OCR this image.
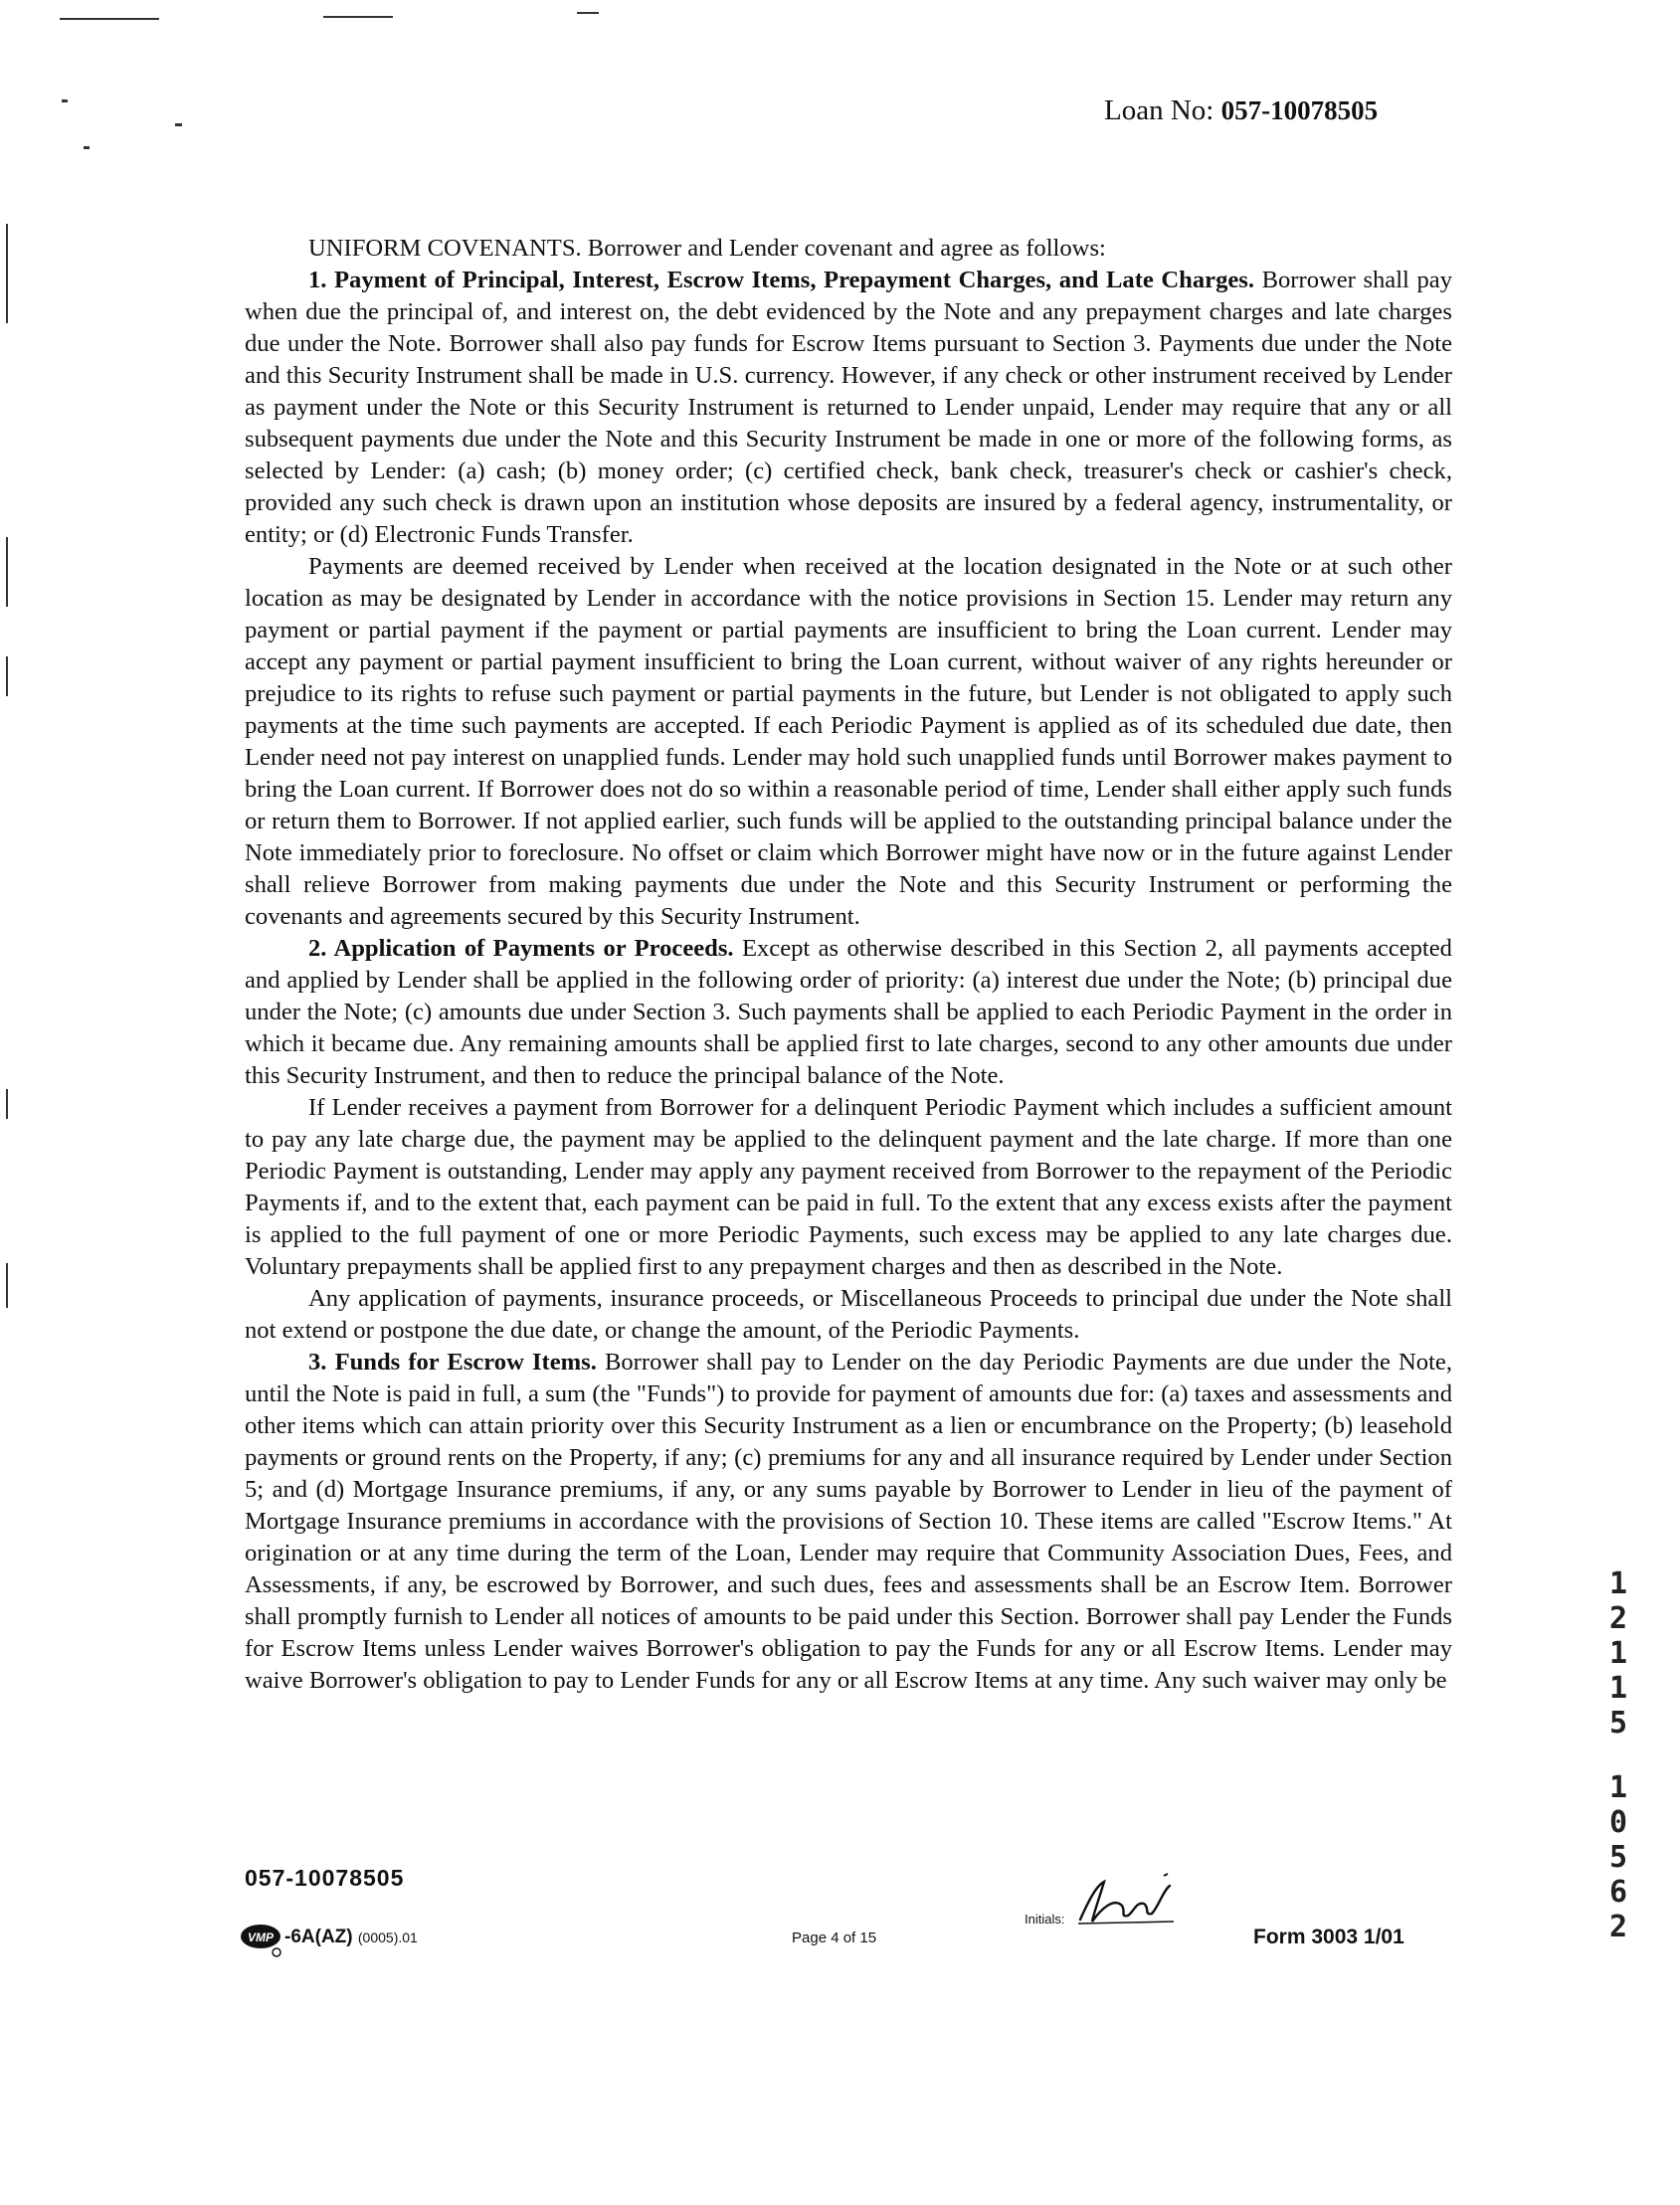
Loan No: 057-10078505

UNIFORM COVENANTS. Borrower and Lender covenant and agree as follows:

1. Payment of Principal, Interest, Escrow Items, Prepayment Charges, and Late Charges. Borrower shall pay when due the principal of, and interest on, the debt evidenced by the Note and any prepayment charges and late charges due under the Note. Borrower shall also pay funds for Escrow Items pursuant to Section 3. Payments due under the Note and this Security Instrument shall be made in U.S. currency. However, if any check or other instrument received by Lender as payment under the Note or this Security Instrument is returned to Lender unpaid, Lender may require that any or all subsequent payments due under the Note and this Security Instrument be made in one or more of the following forms, as selected by Lender: (a) cash; (b) money order; (c) certified check, bank check, treasurer's check or cashier's check, provided any such check is drawn upon an institution whose deposits are insured by a federal agency, instrumentality, or entity; or (d) Electronic Funds Transfer.

Payments are deemed received by Lender when received at the location designated in the Note or at such other location as may be designated by Lender in accordance with the notice provisions in Section 15. Lender may return any payment or partial payment if the payment or partial payments are insufficient to bring the Loan current. Lender may accept any payment or partial payment insufficient to bring the Loan current, without waiver of any rights hereunder or prejudice to its rights to refuse such payment or partial payments in the future, but Lender is not obligated to apply such payments at the time such payments are accepted. If each Periodic Payment is applied as of its scheduled due date, then Lender need not pay interest on unapplied funds. Lender may hold such unapplied funds until Borrower makes payment to bring the Loan current. If Borrower does not do so within a reasonable period of time, Lender shall either apply such funds or return them to Borrower. If not applied earlier, such funds will be applied to the outstanding principal balance under the Note immediately prior to foreclosure. No offset or claim which Borrower might have now or in the future against Lender shall relieve Borrower from making payments due under the Note and this Security Instrument or performing the covenants and agreements secured by this Security Instrument.

2. Application of Payments or Proceeds. Except as otherwise described in this Section 2, all payments accepted and applied by Lender shall be applied in the following order of priority: (a) interest due under the Note; (b) principal due under the Note; (c) amounts due under Section 3. Such payments shall be applied to each Periodic Payment in the order in which it became due. Any remaining amounts shall be applied first to late charges, second to any other amounts due under this Security Instrument, and then to reduce the principal balance of the Note.

If Lender receives a payment from Borrower for a delinquent Periodic Payment which includes a sufficient amount to pay any late charge due, the payment may be applied to the delinquent payment and the late charge. If more than one Periodic Payment is outstanding, Lender may apply any payment received from Borrower to the repayment of the Periodic Payments if, and to the extent that, each payment can be paid in full. To the extent that any excess exists after the payment is applied to the full payment of one or more Periodic Payments, such excess may be applied to any late charges due. Voluntary prepayments shall be applied first to any prepayment charges and then as described in the Note.

Any application of payments, insurance proceeds, or Miscellaneous Proceeds to principal due under the Note shall not extend or postpone the due date, or change the amount, of the Periodic Payments.

3. Funds for Escrow Items. Borrower shall pay to Lender on the day Periodic Payments are due under the Note, until the Note is paid in full, a sum (the "Funds") to provide for payment of amounts due for: (a) taxes and assessments and other items which can attain priority over this Security Instrument as a lien or encumbrance on the Property; (b) leasehold payments or ground rents on the Property, if any; (c) premiums for any and all insurance required by Lender under Section 5; and (d) Mortgage Insurance premiums, if any, or any sums payable by Borrower to Lender in lieu of the payment of Mortgage Insurance premiums in accordance with the provisions of Section 10. These items are called "Escrow Items." At origination or at any time during the term of the Loan, Lender may require that Community Association Dues, Fees, and Assessments, if any, be escrowed by Borrower, and such dues, fees and assessments shall be an Escrow Item. Borrower shall promptly furnish to Lender all notices of amounts to be paid under this Section. Borrower shall pay Lender the Funds for Escrow Items unless Lender waives Borrower's obligation to pay the Funds for any or all Escrow Items. Lender may waive Borrower's obligation to pay to Lender Funds for any or all Escrow Items at any time. Any such waiver may only be

057-10078505
VMP -6A(AZ) (0005).01	Page 4 of 15
Initials:
Form 3003 1/01
1
2
1
1
5
1
0
5
6
2
